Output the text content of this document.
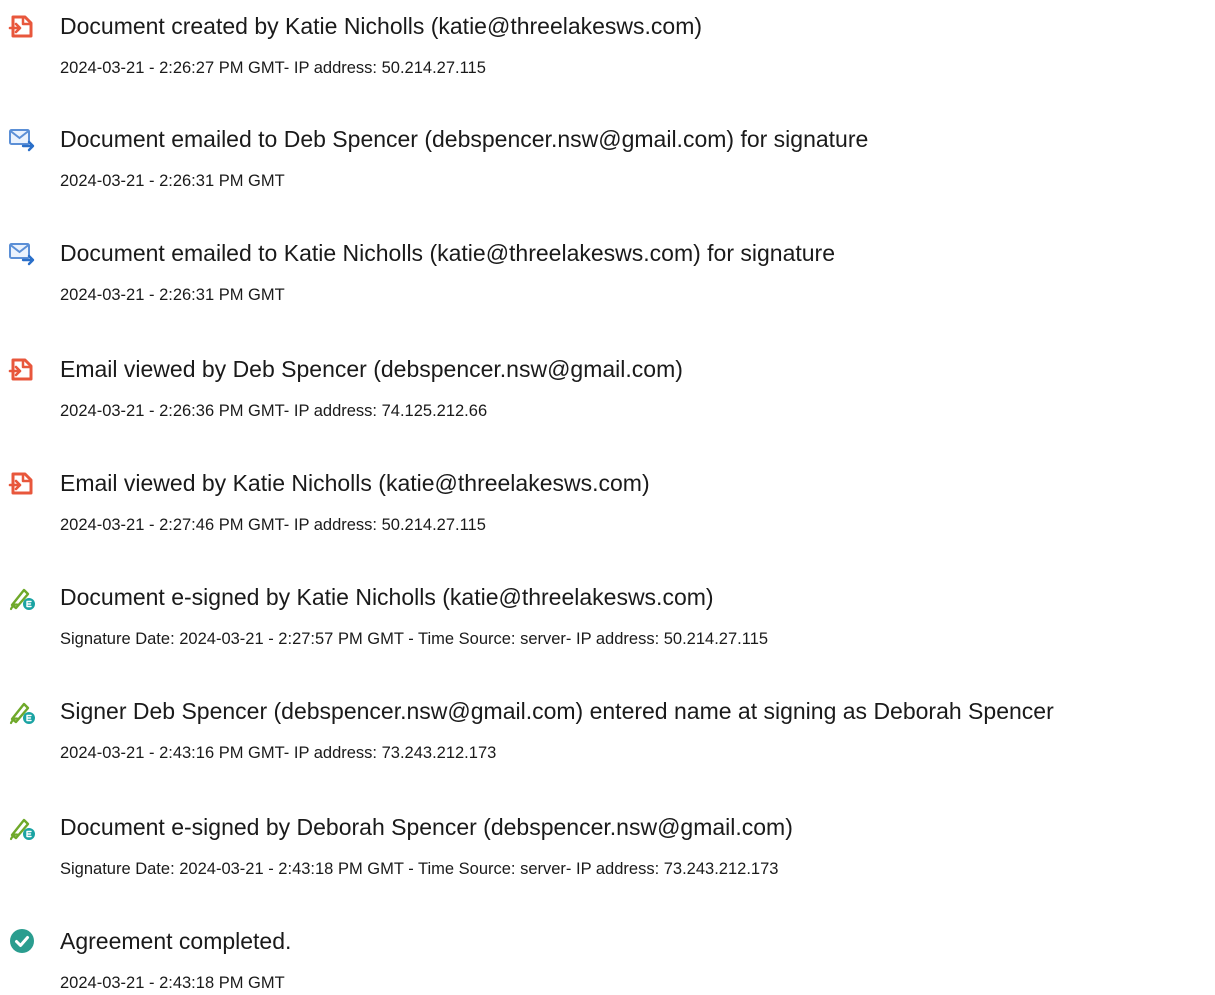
Document created by Katie Nicholls (katie@threelakesws.com)
2024-03-21 - 2:26:27 PM GMT- IP address: 50.214.27.115
Document emailed to Deb Spencer (debspencer.nsw@gmail.com) for signature
2024-03-21 - 2:26:31 PM GMT
Document emailed to Katie Nicholls (katie@threelakesws.com) for signature
2024-03-21 - 2:26:31 PM GMT
Email viewed by Deb Spencer (debspencer.nsw@gmail.com)
2024-03-21 - 2:26:36 PM GMT- IP address: 74.125.212.66
Email viewed by Katie Nicholls (katie@threelakesws.com)
2024-03-21 - 2:27:46 PM GMT- IP address: 50.214.27.115
Document e-signed by Katie Nicholls (katie@threelakesws.com)
Signature Date: 2024-03-21 - 2:27:57 PM GMT - Time Source: server- IP address: 50.214.27.115
Signer Deb Spencer (debspencer.nsw@gmail.com) entered name at signing as Deborah Spencer
2024-03-21 - 2:43:16 PM GMT- IP address: 73.243.212.173
Document e-signed by Deborah Spencer (debspencer.nsw@gmail.com)
Signature Date: 2024-03-21 - 2:43:18 PM GMT - Time Source: server- IP address: 73.243.212.173
Agreement completed.
2024-03-21 - 2:43:18 PM GMT
